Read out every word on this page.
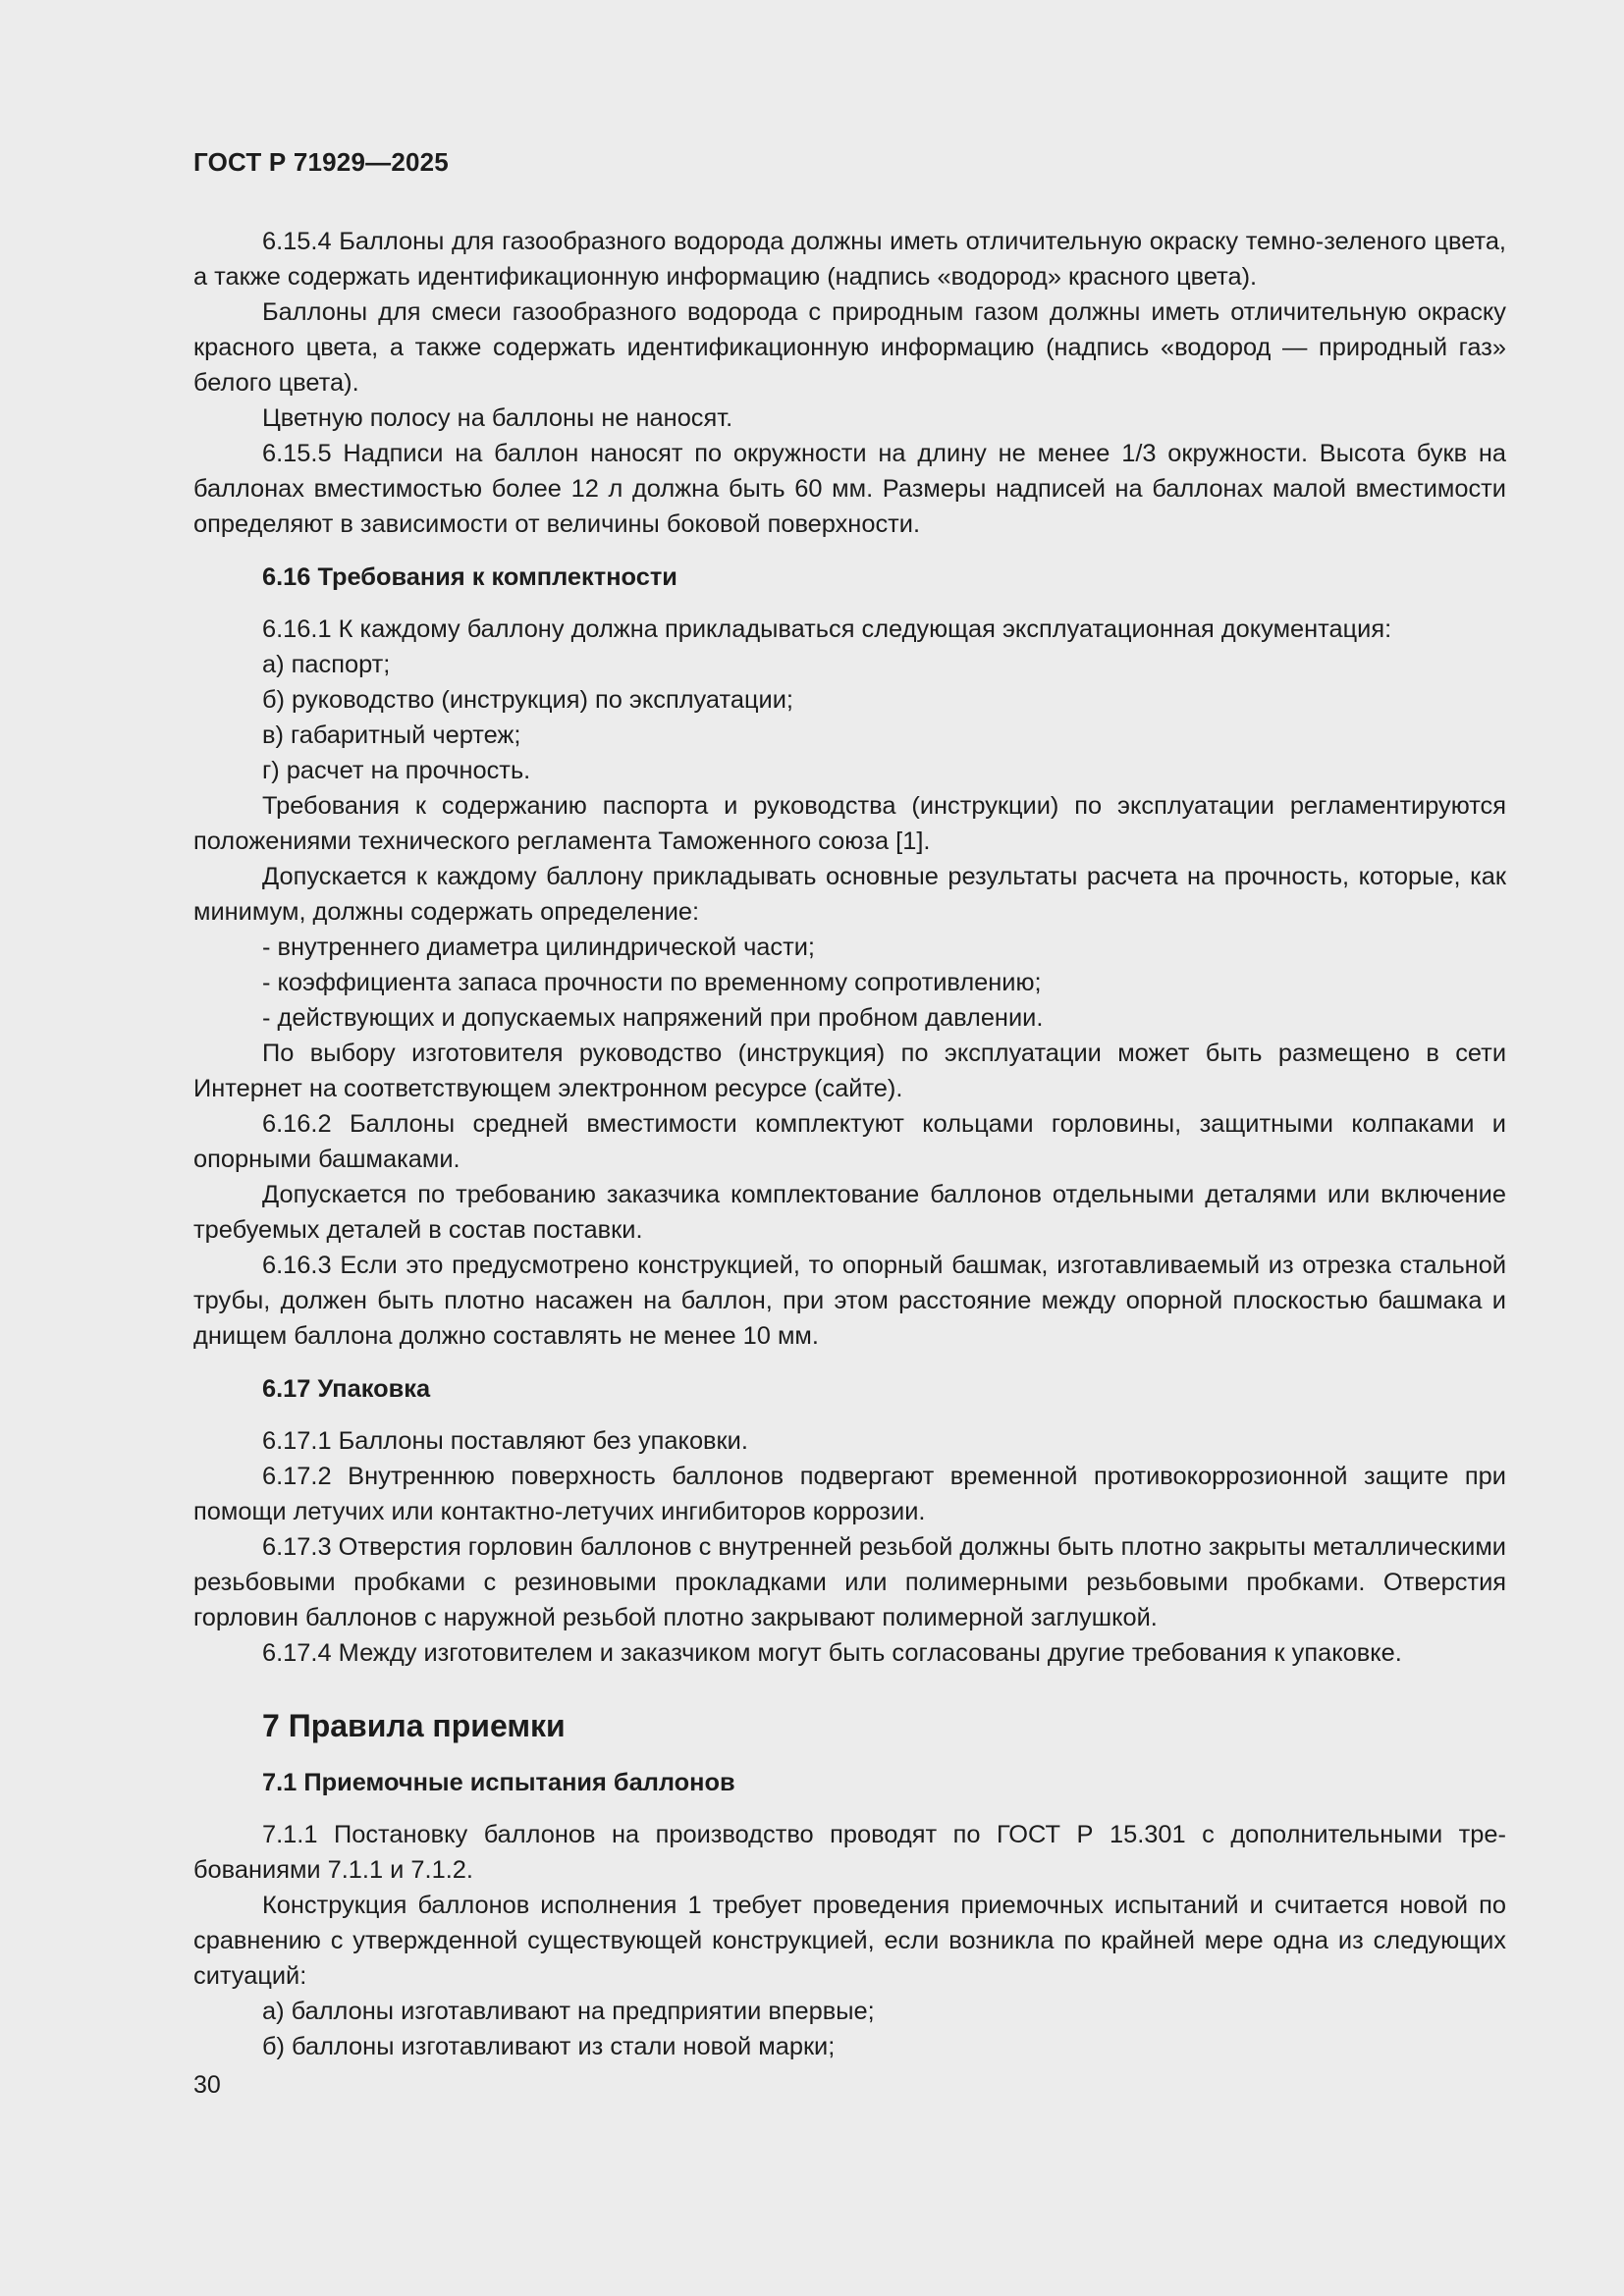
ГОСТ Р 71929—2025
6.15.4 Баллоны для газообразного водорода должны иметь отличительную окраску темно-зеленого цвета, а также содержать идентификационную информацию (надпись «водород» красного цвета).
Баллоны для смеси газообразного водорода с природным газом должны иметь отличительную окраску красного цвета, а также содержать идентификационную информацию (надпись «водород — природный газ» белого цвета).
Цветную полосу на баллоны не наносят.
6.15.5 Надписи на баллон наносят по окружности на длину не менее 1/3 окружности. Высота букв на баллонах вместимостью более 12 л должна быть 60 мм. Размеры надписей на баллонах малой вместимости определяют в зависимости от величины боковой поверхности.
6.16 Требования к комплектности
6.16.1 К каждому баллону должна прикладываться следующая эксплуатационная документация:
а) паспорт;
б) руководство (инструкция) по эксплуатации;
в) габаритный чертеж;
г) расчет на прочность.
Требования к содержанию паспорта и руководства (инструкции) по эксплуатации регламентируются положениями технического регламента Таможенного союза [1].
Допускается к каждому баллону прикладывать основные результаты расчета на прочность, которые, как минимум, должны содержать определение:
- внутреннего диаметра цилиндрической части;
- коэффициента запаса прочности по временному сопротивлению;
- действующих и допускаемых напряжений при пробном давлении.
По выбору изготовителя руководство (инструкция) по эксплуатации может быть размещено в сети Интернет на соответствующем электронном ресурсе (сайте).
6.16.2 Баллоны средней вместимости комплектуют кольцами горловины, защитными колпаками и опорными башмаками.
Допускается по требованию заказчика комплектование баллонов отдельными деталями или включение требуемых деталей в состав поставки.
6.16.3 Если это предусмотрено конструкцией, то опорный башмак, изготавливаемый из отрезка стальной трубы, должен быть плотно насажен на баллон, при этом расстояние между опорной плоскостью башмака и днищем баллона должно составлять не менее 10 мм.
6.17 Упаковка
6.17.1 Баллоны поставляют без упаковки.
6.17.2 Внутреннюю поверхность баллонов подвергают временной противокоррозионной защите при помощи летучих или контактно-летучих ингибиторов коррозии.
6.17.3 Отверстия горловин баллонов с внутренней резьбой должны быть плотно закрыты металлическими резьбовыми пробками с резиновыми прокладками или полимерными резьбовыми пробками. Отверстия горловин баллонов с наружной резьбой плотно закрывают полимерной заглушкой.
6.17.4 Между изготовителем и заказчиком могут быть согласованы другие требования к упаковке.
7 Правила приемки
7.1 Приемочные испытания баллонов
7.1.1 Постановку баллонов на производство проводят по ГОСТ Р 15.301 с дополнительными требованиями 7.1.1 и 7.1.2.
Конструкция баллонов исполнения 1 требует проведения приемочных испытаний и считается новой по сравнению с утвержденной существующей конструкцией, если возникла по крайней мере одна из следующих ситуаций:
а) баллоны изготавливают на предприятии впервые;
б) баллоны изготавливают из стали новой марки;
30
